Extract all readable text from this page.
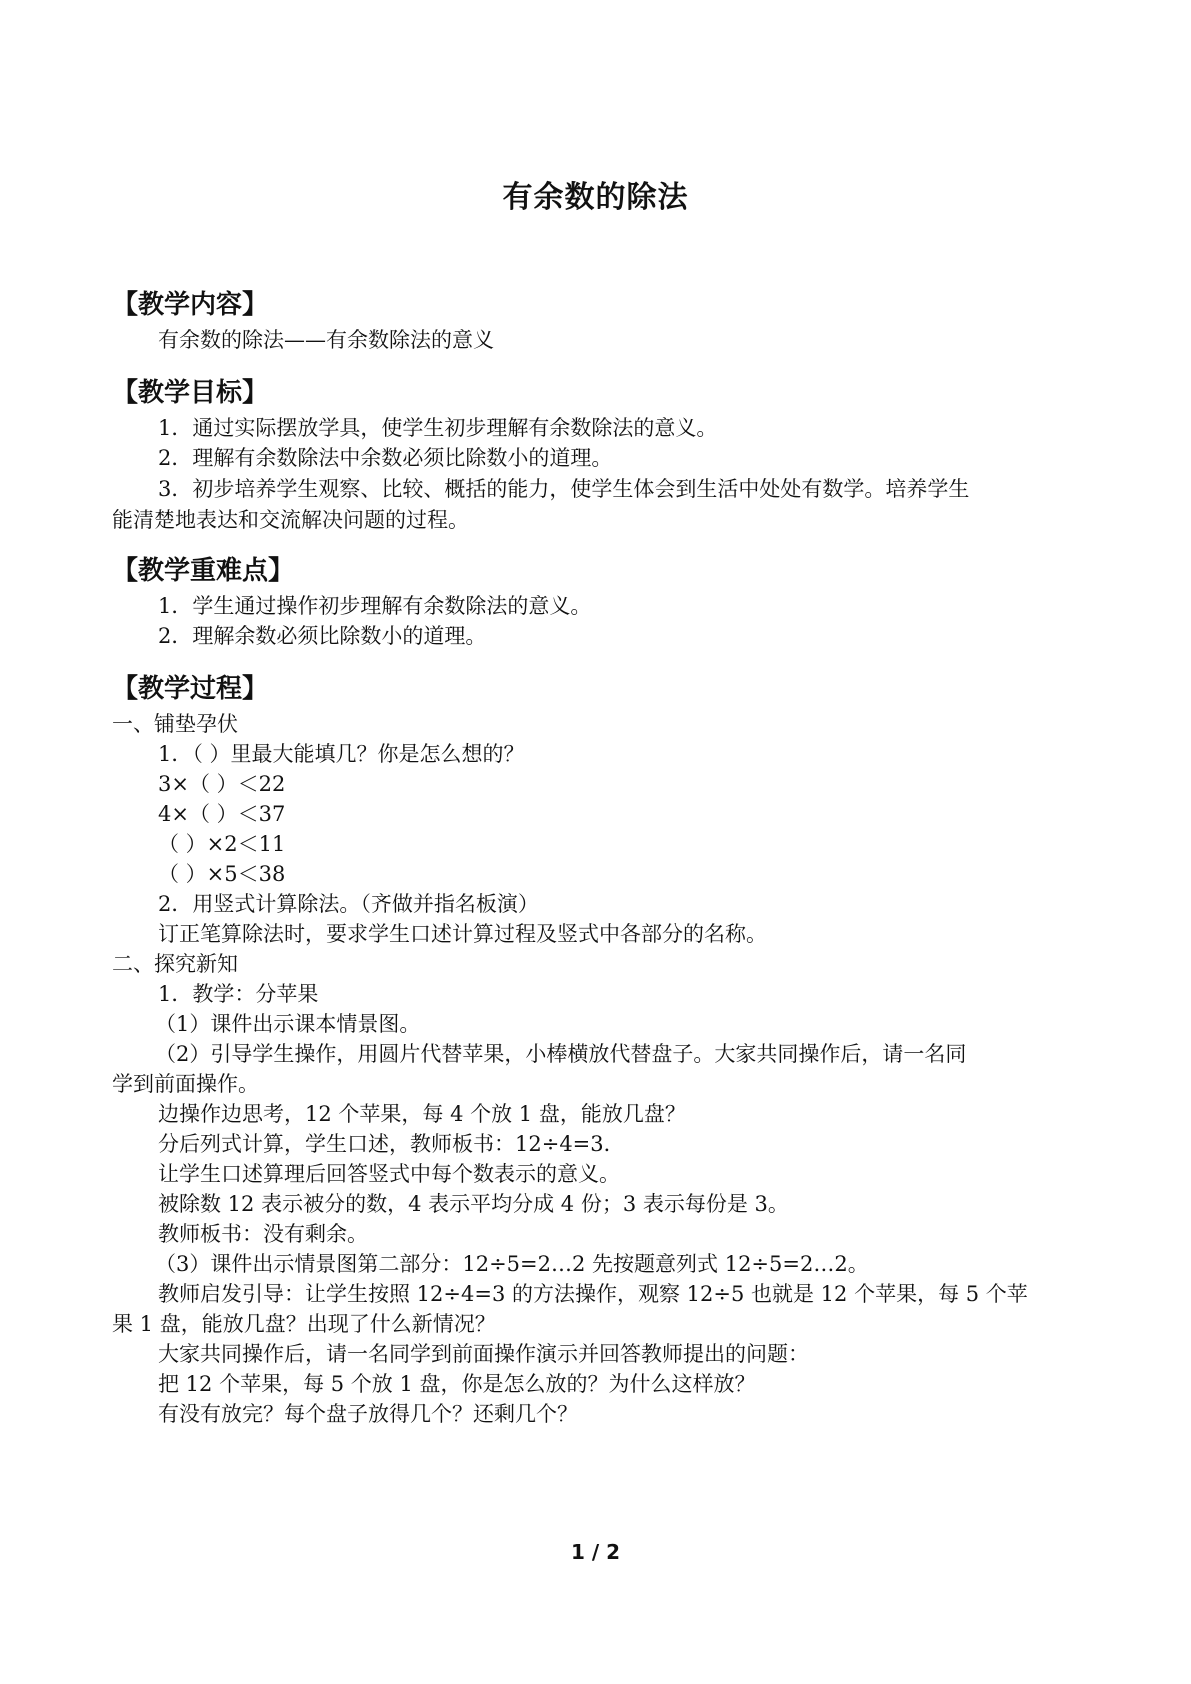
有余数的除法
【教学内容】
有余数的除法——有余数除法的意义
【教学目标】
1．通过实际摆放学具，使学生初步理解有余数除法的意义。
2．理解有余数除法中余数必须比除数小的道理。
3．初步培养学生观察、比较、概括的能力，使学生体会到生活中处处有数学。培养学生
能清楚地表达和交流解决问题的过程。
【教学重难点】
1．学生通过操作初步理解有余数除法的意义。
2．理解余数必须比除数小的道理。
【教学过程】
一、铺垫孕伏
1．（ ）里最大能填几？你是怎么想的？
3×（ ）＜22
4×（ ）＜37
（ ）×2＜11
（ ）×5＜38
2．用竖式计算除法。（齐做并指名板演）
订正笔算除法时，要求学生口述计算过程及竖式中各部分的名称。
二、探究新知
1．教学：分苹果
（1）课件出示课本情景图。
（2）引导学生操作，用圆片代替苹果，小棒横放代替盘子。大家共同操作后，请一名同
学到前面操作。
边操作边思考，12 个苹果，每 4 个放 1 盘，能放几盘？
分后列式计算，学生口述，教师板书：12÷4=3．
让学生口述算理后回答竖式中每个数表示的意义。
被除数 12 表示被分的数，4 表示平均分成 4 份；3 表示每份是 3。
教师板书：没有剩余。
（3）课件出示情景图第二部分：12÷5=2…2 先按题意列式 12÷5=2…2。
教师启发引导：让学生按照 12÷4=3 的方法操作，观察 12÷5 也就是 12 个苹果，每 5 个苹
果 1 盘，能放几盘？出现了什么新情况？
大家共同操作后，请一名同学到前面操作演示并回答教师提出的问题：
把 12 个苹果，每 5 个放 1 盘，你是怎么放的？为什么这样放？
有没有放完？每个盘子放得几个？还剩几个？
1 / 2
